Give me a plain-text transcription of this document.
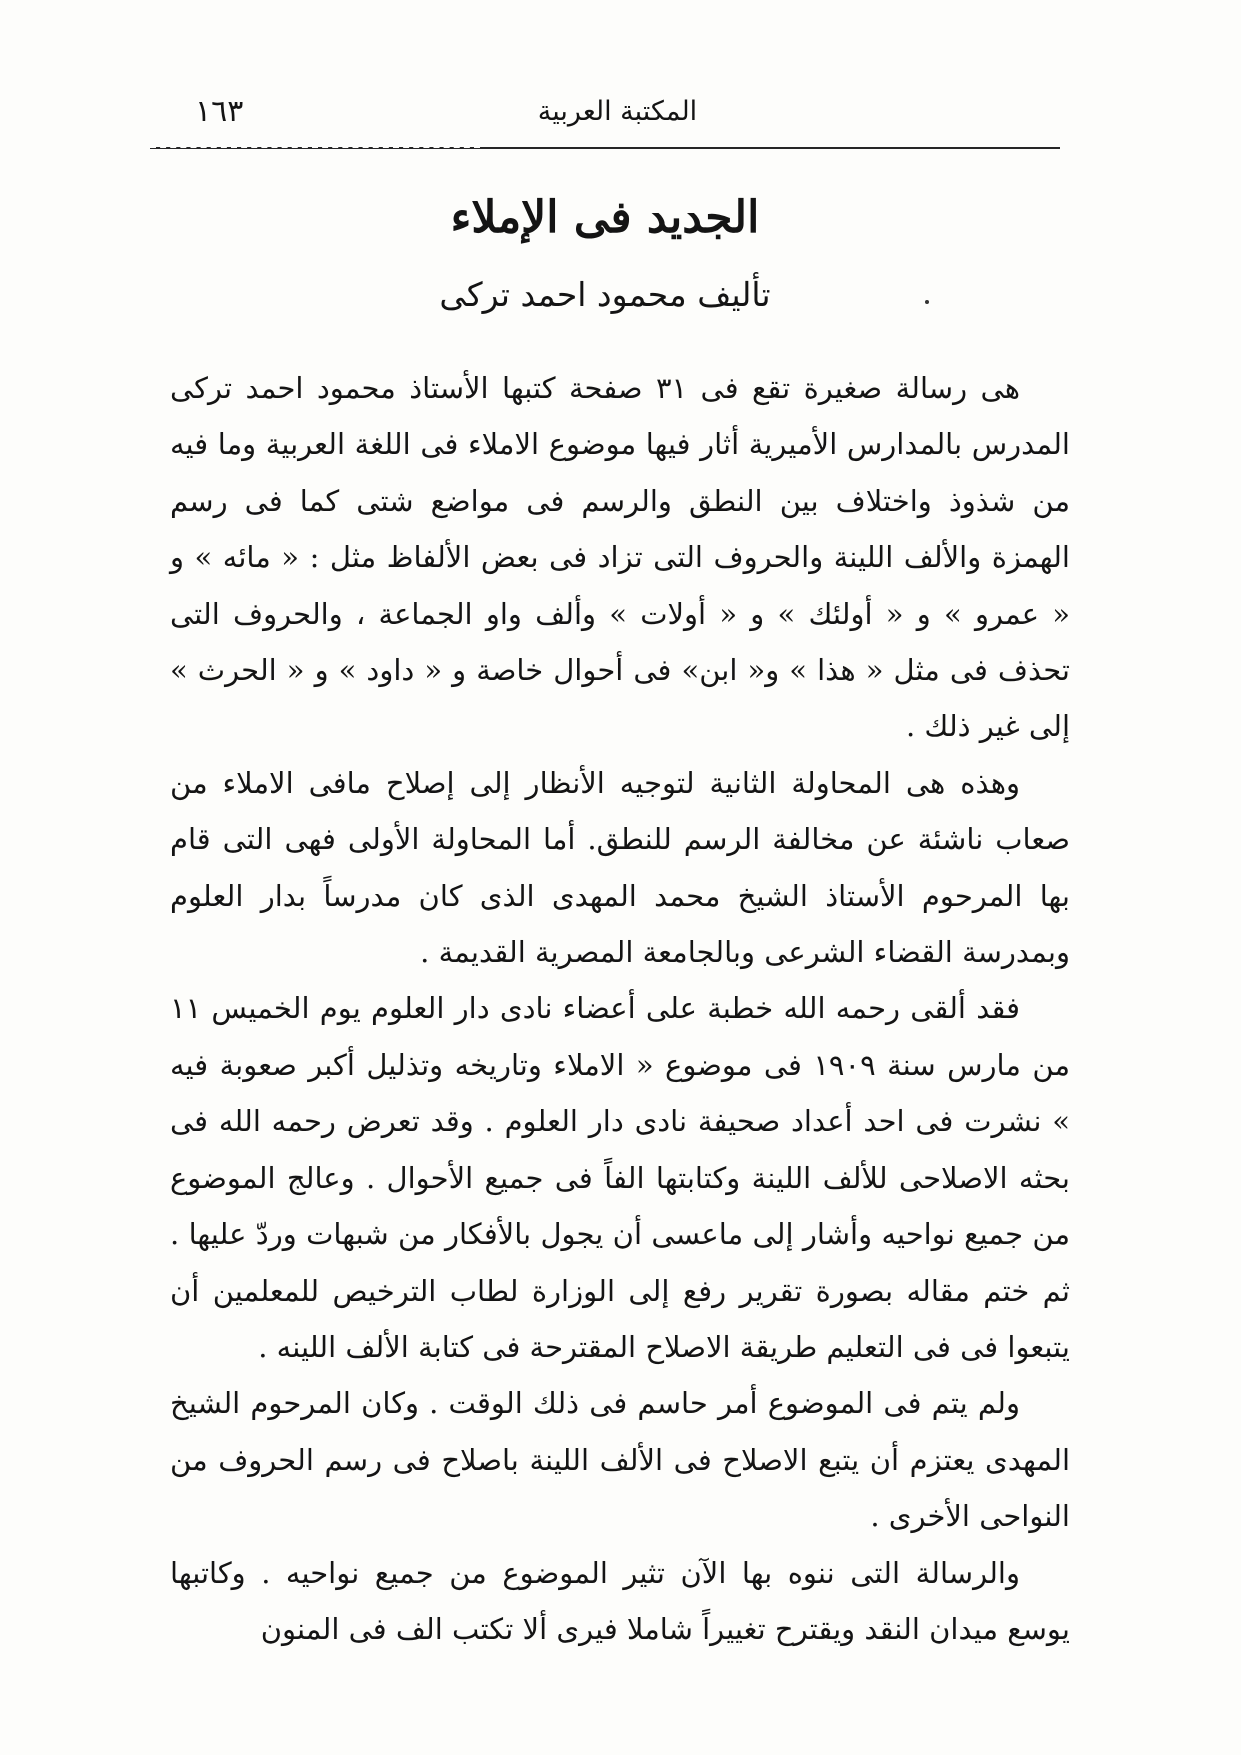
١٦٣	المكتبة العربية
الجديد فى الإملاء
تأليف محمود احمد تركى

هى رسالة صغيرة تقع فى ٣١ صفحة كتبها الأستاذ محمود احمد تركى المدرس بالمدارس الأميرية أثار فيها موضوع الاملاء فى اللغة العربية وما فيه من شذوذ واختلاف بين النطق والرسم فى مواضع شتى كما فى رسم الهمزة والألف اللينة والحروف التى تزاد فى بعض الألفاظ مثل : « مائه » و « عمرو » و « أولئك » و « أولات » وألف واو الجماعة ، والحروف التى تحذف فى مثل « هذا » و« ابن» فى أحوال خاصة و « داود » و « الحرث » إلى غير ذلك .

وهذه هى المحاولة الثانية لتوجيه الأنظار إلى إصلاح مافى الاملاء من صعاب ناشئة عن مخالفة الرسم للنطق. أما المحاولة الأولى فهى التى قام بها المرحوم الأستاذ الشيخ محمد المهدى الذى كان مدرساً بدار العلوم وبمدرسة القضاء الشرعى وبالجامعة المصرية القديمة .

فقد ألقى رحمه الله خطبة على أعضاء نادى دار العلوم يوم الخميس ١١ من مارس سنة ١٩٠٩ فى موضوع « الاملاء وتاريخه وتذليل أكبر صعوبة فيه » نشرت فى احد أعداد صحيفة نادى دار العلوم . وقد تعرض رحمه الله فى بحثه الاصلاحى للألف اللينة وكتابتها الفاً فى جميع الأحوال . وعالج الموضوع من جميع نواحيه وأشار إلى ماعسى أن يجول بالأفكار من شبهات وردّ عليها . ثم ختم مقاله بصورة تقرير رفع إلى الوزارة لطاب الترخيص للمعلمين أن يتبعوا فى فى التعليم طريقة الاصلاح المقترحة فى كتابة الألف اللينه .

ولم يتم فى الموضوع أمر حاسم فى ذلك الوقت . وكان المرحوم الشيخ المهدى يعتزم أن يتبع الاصلاح فى الألف اللينة باصلاح فى رسم الحروف من النواحى الأخرى .

والرسالة التى ننوه بها الآن تثير الموضوع من جميع نواحيه . وكاتبها يوسع ميدان النقد ويقترح تغييراً شاملا فيرى ألا تكتب الف فى المنون
